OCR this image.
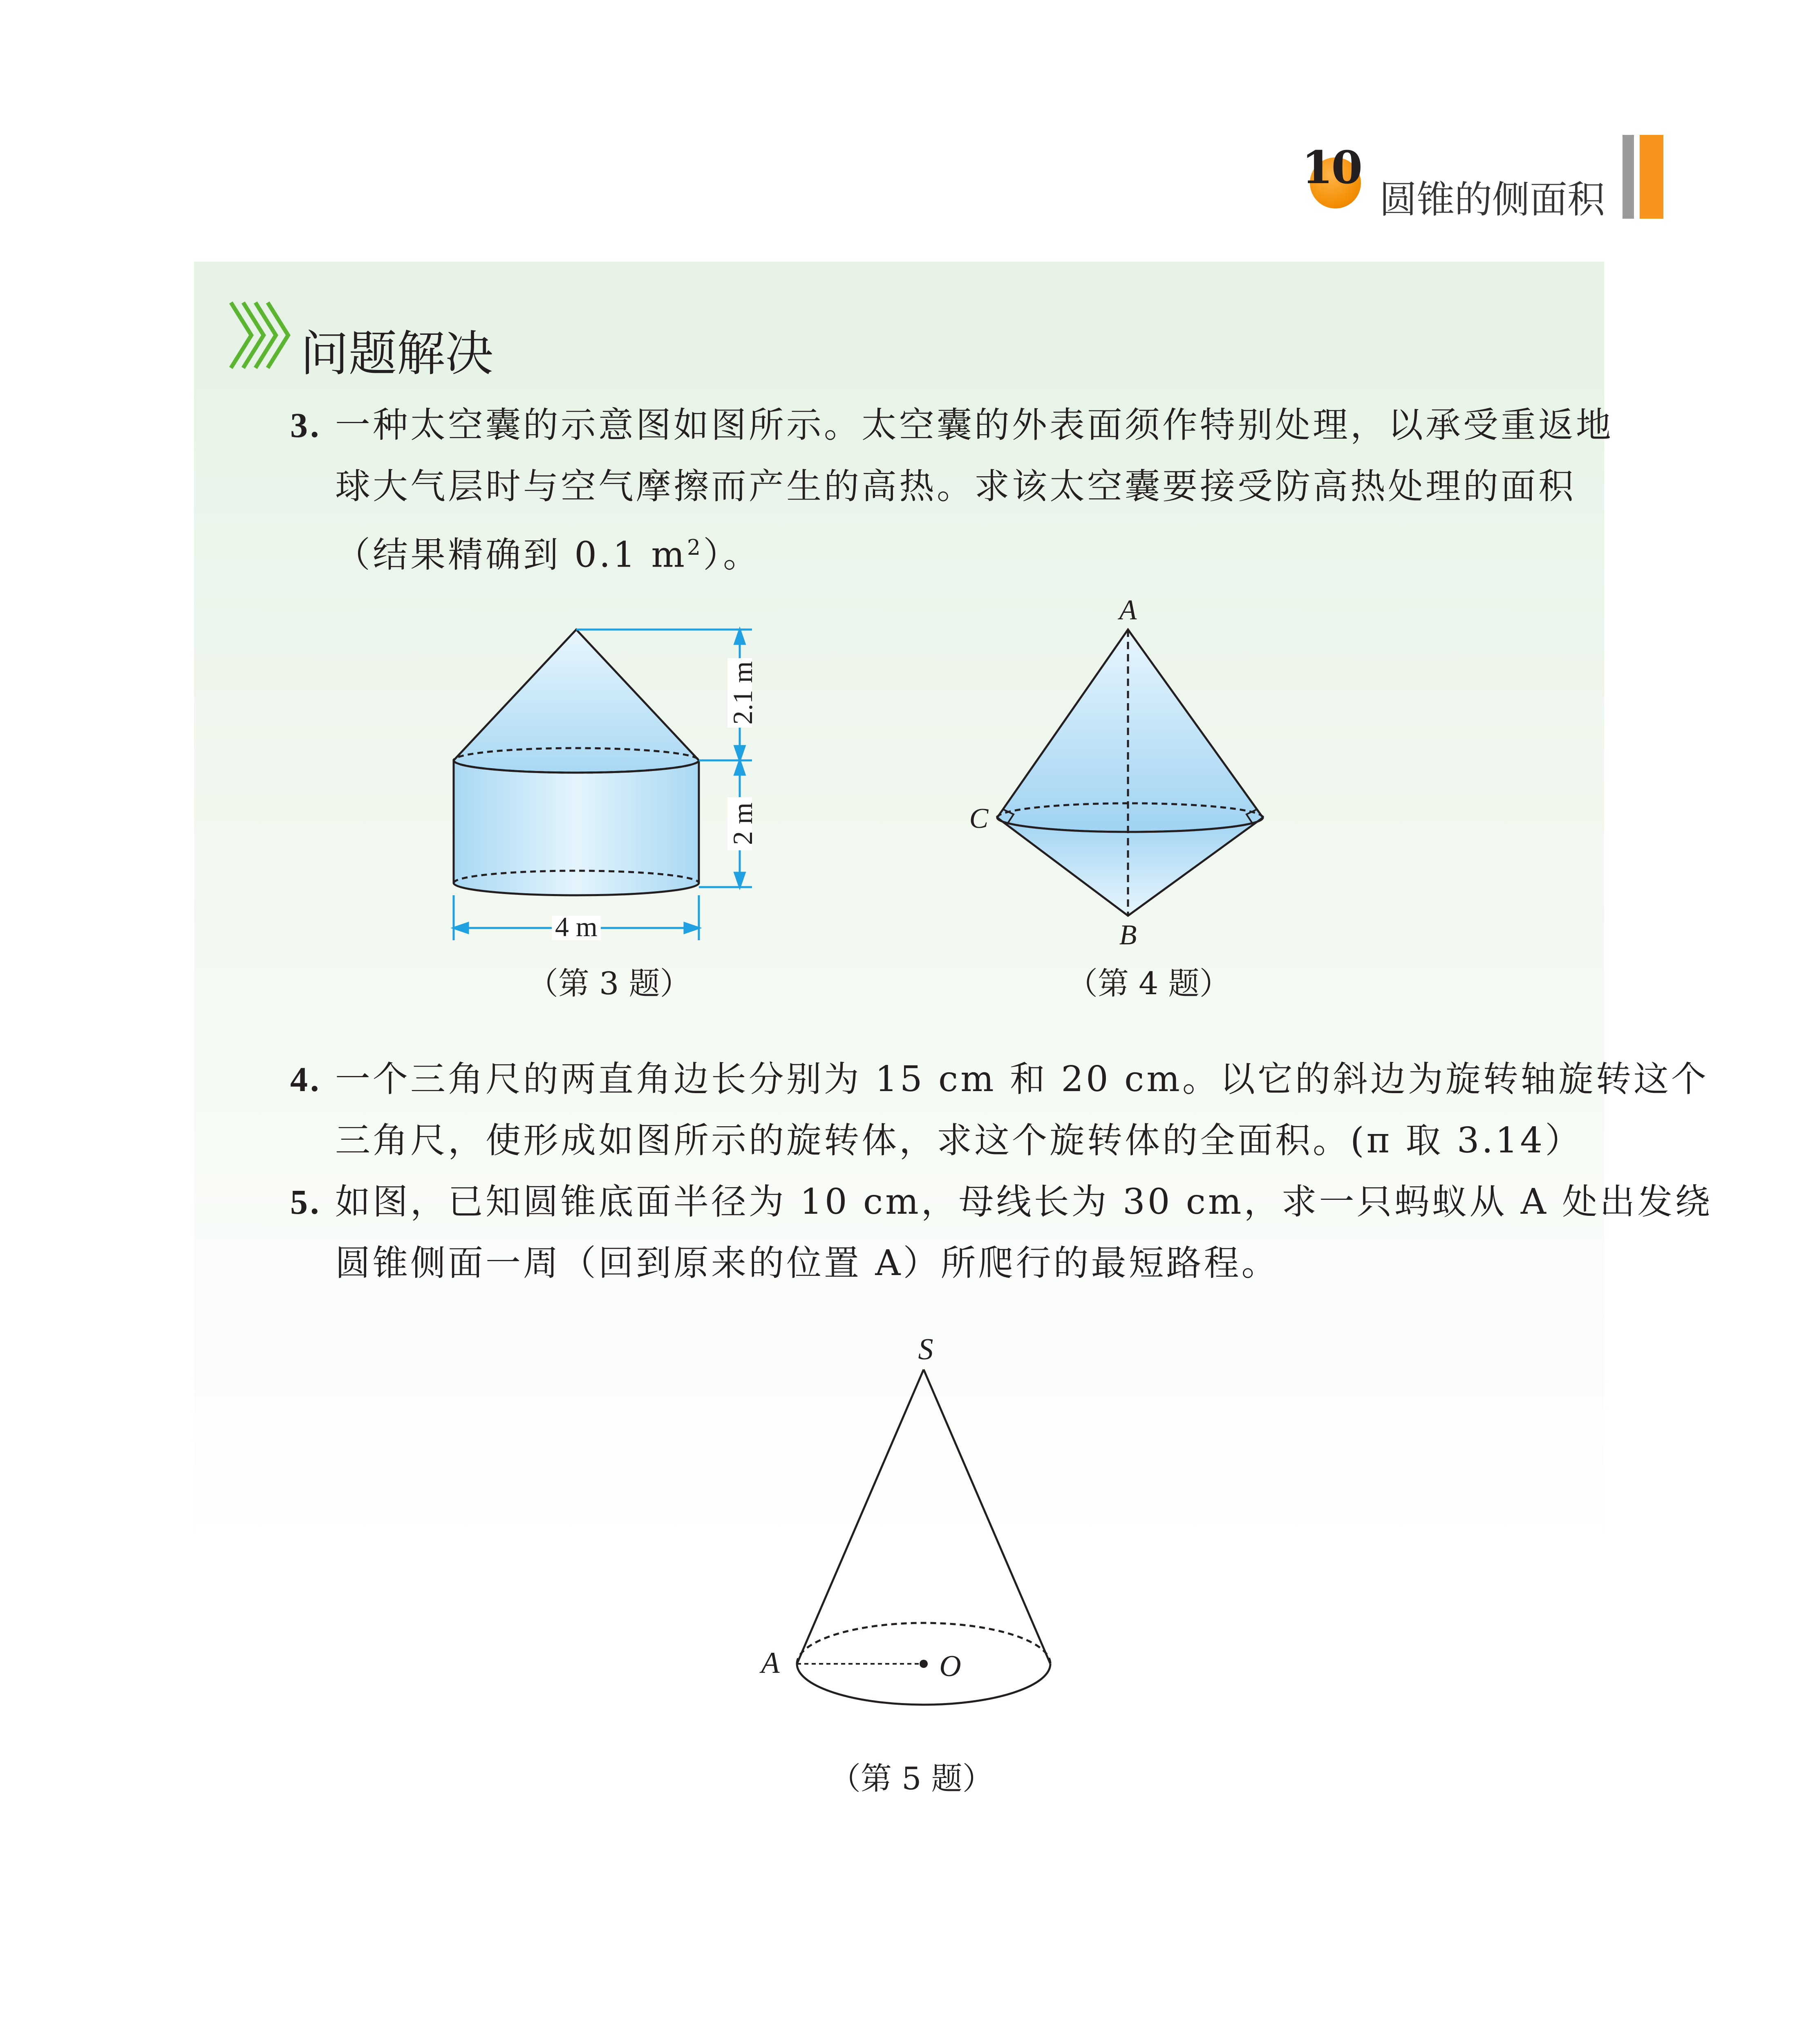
10
圆锥的侧面积
问题解决
3. 一种太空囊的示意图如图所示。太空囊的外表面须作特别处理，以承受重返地
球大气层时与空气摩擦而产生的高热。求该太空囊要接受防高热处理的面积
（结果精确到 0.1 $m^2$）。
2.1 m
2 m
4 m
（第 3 题）
A
B
C
（第 4 题）
4. 一个三角尺的两直角边长分别为 15 cm 和 20 cm。以它的斜边为旋转轴旋转这个
三角尺，使形成如图所示的旋转体，求这个旋转体的全面积。(π 取 3.14）
5. 如图，已知圆锥底面半径为 10 cm，母线长为 30 cm，求一只蚂蚁从 A 处出发绕
圆锥侧面一周（回到原来的位置 A）所爬行的最短路程。
S
A	O
（第 5 题）
